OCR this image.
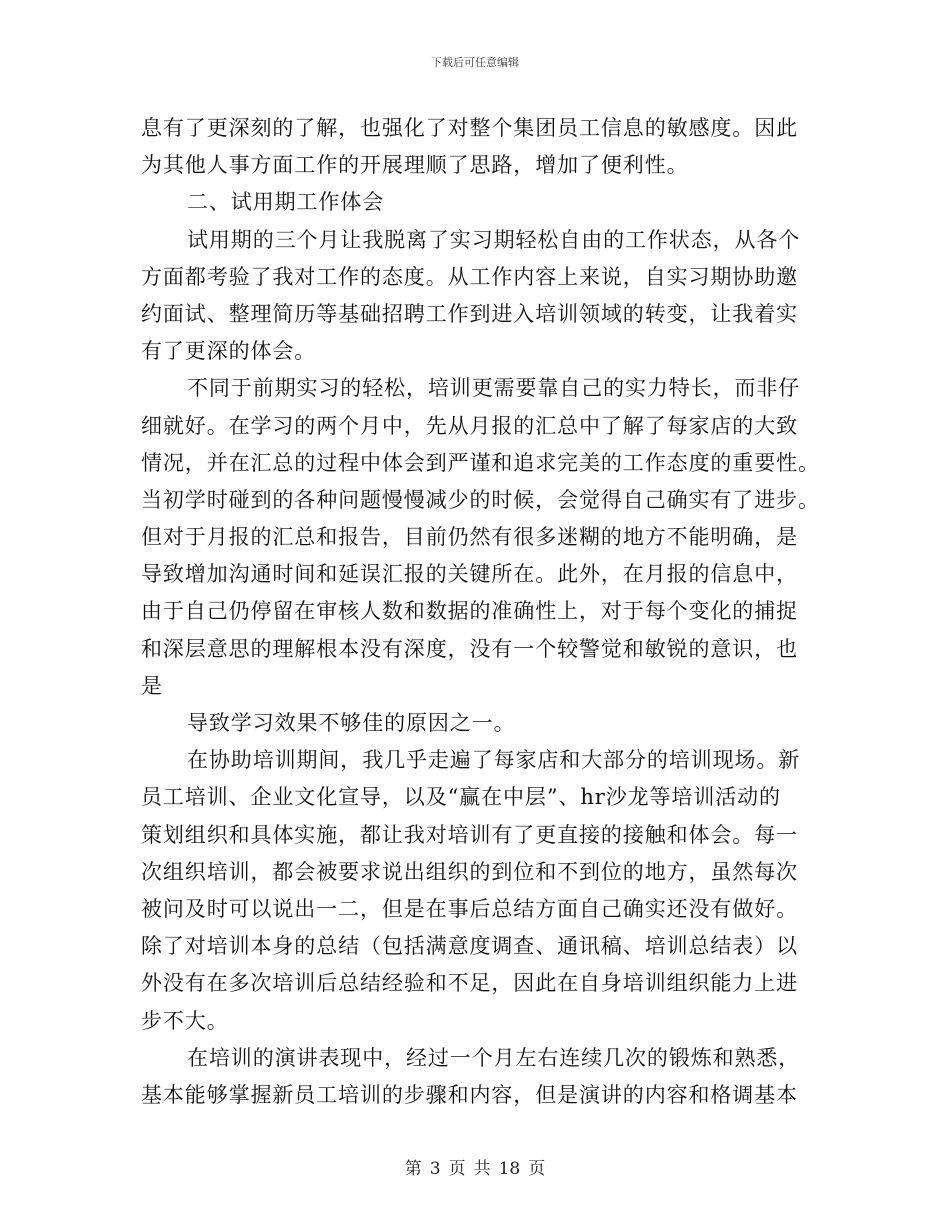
下载后可任意编辑
息有了更深刻的了解，也强化了对整个集团员工信息的敏感度。因此
为其他人事方面工作的开展理顺了思路，增加了便利性。
二、试用期工作体会
试用期的三个月让我脱离了实习期轻松自由的工作状态，从各个
方面都考验了我对工作的态度。从工作内容上来说，自实习期协助邀
约面试、整理简历等基础招聘工作到进入培训领域的转变，让我着实
有了更深的体会。
不同于前期实习的轻松，培训更需要靠自己的实力特长，而非仔
细就好。在学习的两个月中，先从月报的汇总中了解了每家店的大致
情况，并在汇总的过程中体会到严谨和追求完美的工作态度的重要性。
当初学时碰到的各种问题慢慢减少的时候，会觉得自己确实有了进步。
但对于月报的汇总和报告，目前仍然有很多迷糊的地方不能明确，是
导致增加沟通时间和延误汇报的关键所在。此外，在月报的信息中，
由于自己仍停留在审核人数和数据的准确性上，对于每个变化的捕捉
和深层意思的理解根本没有深度，没有一个较警觉和敏锐的意识，也
是
导致学习效果不够佳的原因之一。
在协助培训期间，我几乎走遍了每家店和大部分的培训现场。新
员工培训、企业文化宣导，以及“赢在中层”、hr沙龙等培训活动的
策划组织和具体实施，都让我对培训有了更直接的接触和体会。每一
次组织培训，都会被要求说出组织的到位和不到位的地方，虽然每次
被问及时可以说出一二，但是在事后总结方面自己确实还没有做好。
除了对培训本身的总结（包括满意度调查、通讯稿、培训总结表）以
外没有在多次培训后总结经验和不足，因此在自身培训组织能力上进
步不大。
在培训的演讲表现中，经过一个月左右连续几次的锻炼和熟悉，
基本能够掌握新员工培训的步骤和内容，但是演讲的内容和格调基本
第 3 页 共 18 页
